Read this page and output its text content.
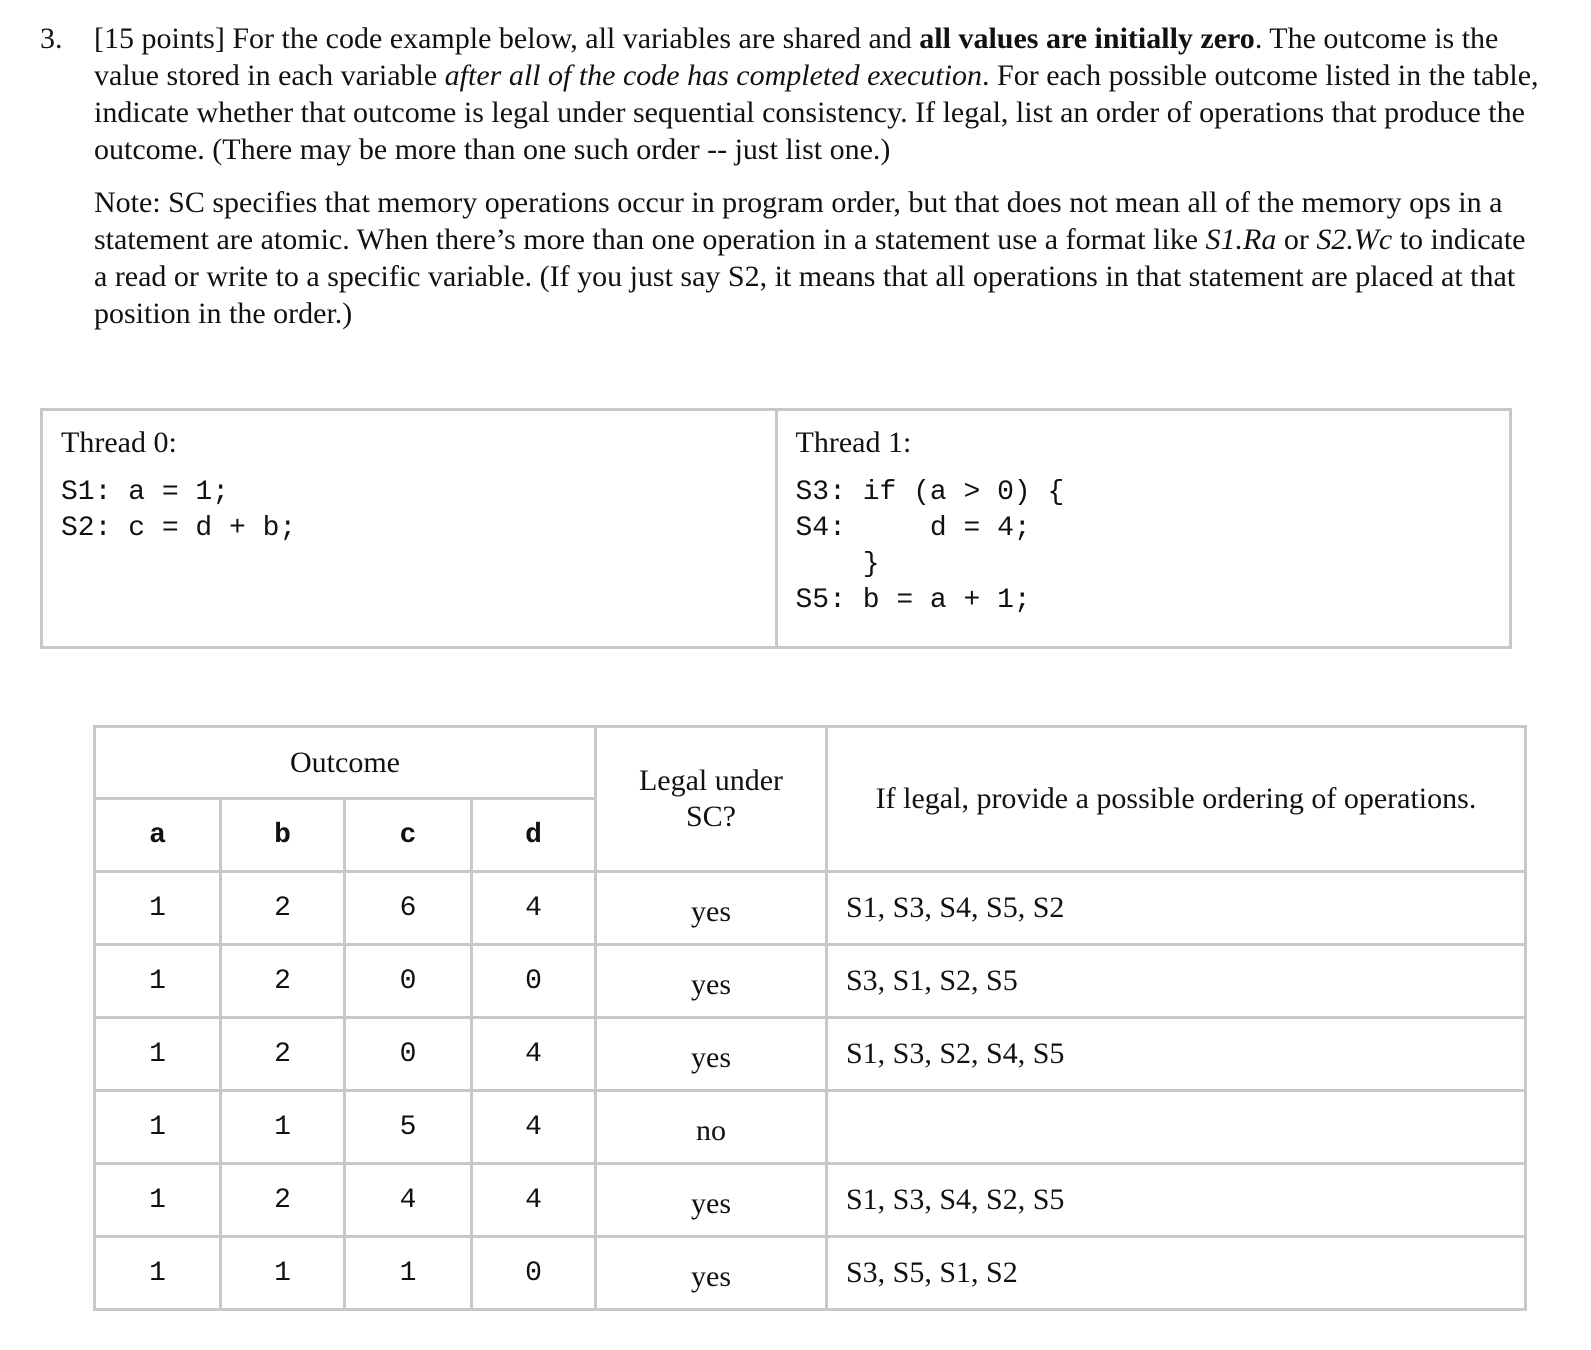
3. [15 points] For the code example below, all variables are shared and all values are initially zero. The outcome is the value stored in each variable after all of the code has completed execution. For each possible outcome listed in the table, indicate whether that outcome is legal under sequential consistency. If legal, list an order of operations that produce the outcome. (There may be more than one such order -- just list one.)
Note: SC specifies that memory operations occur in program order, but that does not mean all of the memory ops in a statement are atomic. When there’s more than one operation in a statement use a format like S1.Ra or S2.Wc to indicate a read or write to a specific variable. (If you just say S2, it means that all operations in that statement are placed at that position in the order.)
Thread 0:
S1: a = 1;
S2: c = d + b;
Thread 1:
S3: if (a > 0) {
S4:     d = 4;
}
S5: b = a + 1;
Outcome				Legal under SC?	If legal, provide a possible ordering of operations.
a	b	c	d		
1	2	6	4	yes	S1, S3, S4, S5, S2
1	2	0	0	yes	S3, S1, S2, S5
1	2	0	4	yes	S1, S3, S2, S4, S5
1	1	5	4	no	
1	2	4	4	yes	S1, S3, S4, S2, S5
1	1	1	0	yes	S3, S5, S1, S2
